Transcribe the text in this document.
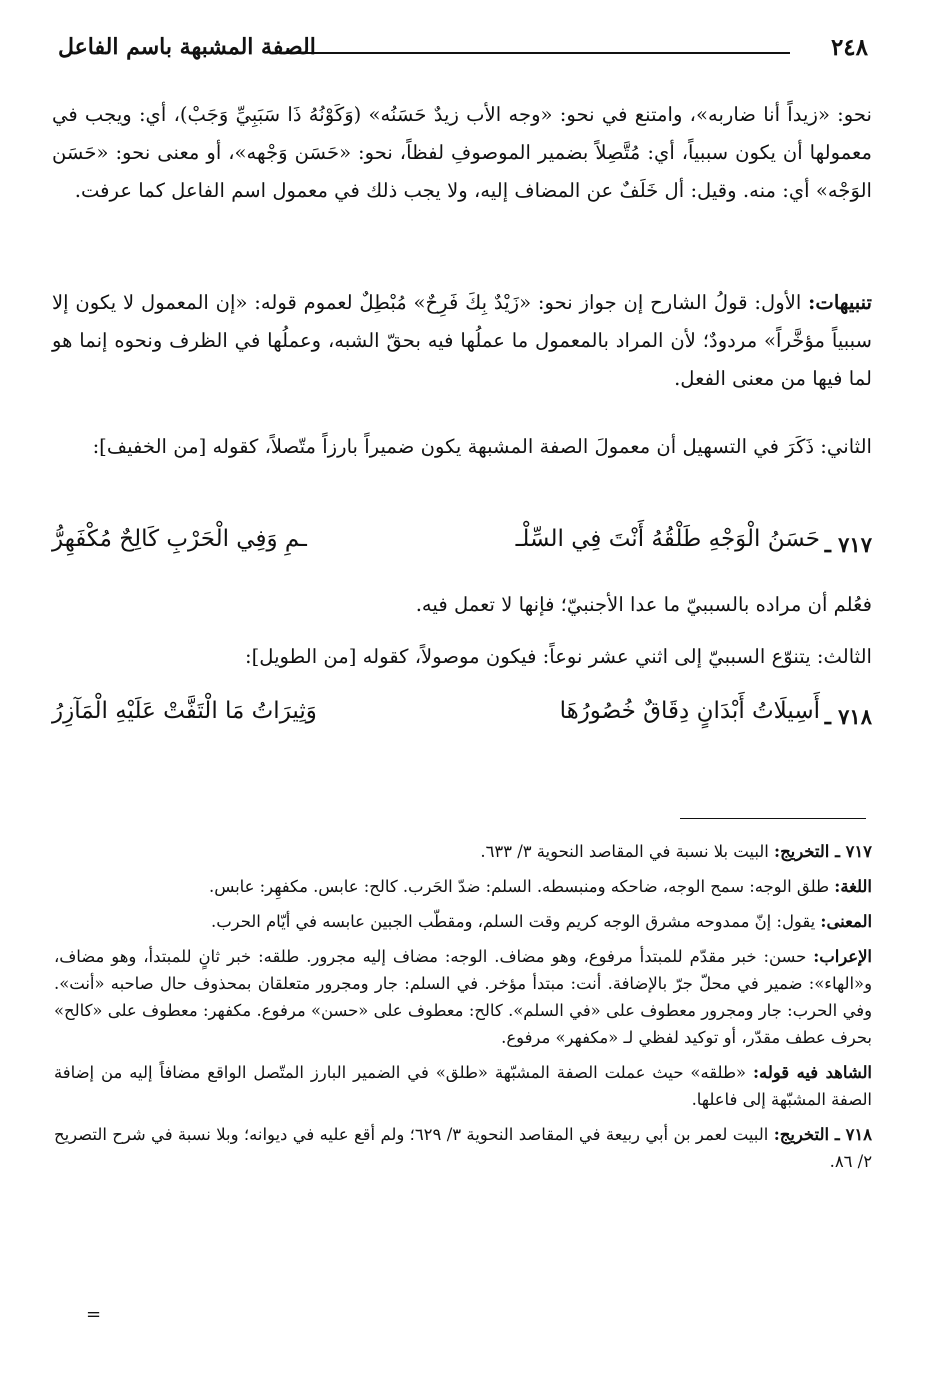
٢٤٨
الصفة المشبهة باسم الفاعل

نحو: «زيداً أنا ضاربه»، وامتنع في نحو: «وجه الأب زيدٌ حَسَنُه» (وَكَوْنُهُ ذَا سَبَبِيِّ وَجَبْ)، أي: ويجب في معمولها أن يكون سببياً، أي: مُتَّصِلاً بضمير الموصوفِ لفظاً، نحو: «حَسَن وَجْهه»، أو معنى نحو: «حَسَن الوَجْه» أي: منه. وقيل: أل خَلَفٌ عن المضاف إليه، ولا يجب ذلك في معمول اسم الفاعل كما عرفت.

تنبيهات: الأول: قولُ الشارح إن جواز نحو: «زَيْدٌ بِكَ فَرِحٌ» مُبْطِلٌ لعموم قوله: «إن المعمول لا يكون إلا سببياً مؤخَّراً» مردودٌ؛ لأن المراد بالمعمول ما عملُها فيه بحقّ الشبه، وعملُها في الظرف ونحوه إنما هو لما فيها من معنى الفعل.

الثاني: ذَكَرَ في التسهيل أن معمولَ الصفة المشبهة يكون ضميراً بارزاً متّصلاً، كقوله [من الخفيف]:

٧١٧ ـ
حَسَنُ الْوَجْهِ طَلْقُهُ أَنْتَ فِي السِّلْـ
ـمِ وَفِي الْحَرْبِ كَالِحٌ مُكْفَهِرُّ

فعُلم أن مراده بالسببيّ ما عدا الأجنبيّ؛ فإنها لا تعمل فيه.

الثالث: يتنوّع السببيّ إلى اثني عشر نوعاً: فيكون موصولاً، كقوله [من الطويل]:

٧١٨ ـ
أَسِيلَاتُ أَبْدَانٍ دِقَاقٌ خُصُورُهَا
وَثِيرَاتُ مَا الْتَفَّتْ عَلَيْهِ الْمَآزِرُ

٧١٧ ـ التخريج: البيت بلا نسبة في المقاصد النحوية ٣/ ٦٣٣.

اللغة: طلق الوجه: سمح الوجه، ضاحكه ومنبسطه. السلم: ضدّ الحَرب. كالح: عابس. مكفهِر: عابس.

المعنى: يقول: إنّ ممدوحه مشرق الوجه كريم وقت السلم، ومقطّب الجبين عابسه في أيّام الحرب.

الإعراب: حسن: خبر مقدّم للمبتدأ مرفوع، وهو مضاف. الوجه: مضاف إليه مجرور. طلقه: خبر ثانٍ للمبتدأ، وهو مضاف، و«الهاء»: ضمير في محلّ جرّ بالإضافة. أنت: مبتدأ مؤخر. في السلم: جار ومجرور متعلقان بمحذوف حال صاحبه «أنت». وفي الحرب: جار ومجرور معطوف على «في السلم». كالح: معطوف على «حسن» مرفوع. مكفهر: معطوف على «كالح» بحرف عطف مقدّر، أو توكيد لفظي لـ «مكفهر» مرفوع.

الشاهد فيه قوله: «طلقه» حيث عملت الصفة المشبّهة «طلق» في الضمير البارز المتّصل الواقع مضافاً إليه من إضافة الصفة المشبّهة إلى فاعلها.

٧١٨ ـ التخريج: البيت لعمر بن أبي ربيعة في المقاصد النحوية ٣/ ٦٢٩؛ ولم أقع عليه في ديوانه؛ وبلا نسبة في شرح التصريح ٢/ ٨٦.

=
